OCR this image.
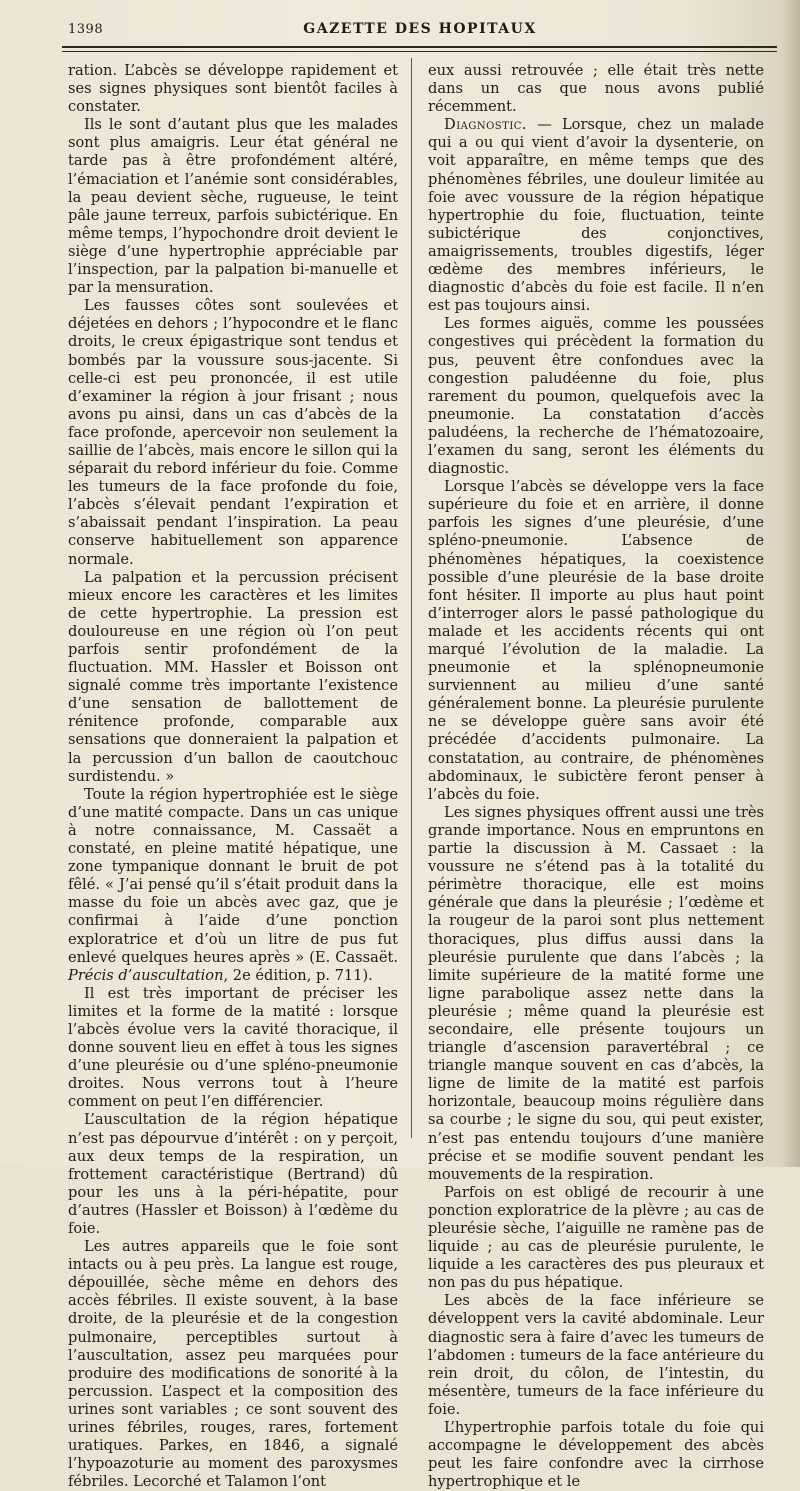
1398	GAZETTE DES HOPITAUX

ration. L’abcès se développe rapidement et ses signes physiques sont bientôt faciles à constater.

Ils le sont d’autant plus que les malades sont plus amaigris. Leur état général ne tarde pas à être profondément altéré, l’émaciation et l’anémie sont considérables, la peau devient sèche, rugueuse, le teint pâle jaune terreux, parfois subictérique. En même temps, l’hypochondre droit devient le siège d’une hypertrophie appréciable par l’inspection, par la palpation bi-manuelle et par la mensuration.

Les fausses côtes sont soulevées et déjetées en dehors ; l’hypocondre et le flanc droits, le creux épigastrique sont tendus et bombés par la voussure sous-jacente. Si celle-ci est peu prononcée, il est utile d’examiner la région à jour frisant ; nous avons pu ainsi, dans un cas d’abcès de la face profonde, apercevoir non seulement la saillie de l’abcès, mais encore le sillon qui la séparait du rebord inférieur du foie. Comme les tumeurs de la face profonde du foie, l’abcès s’élevait pendant l’expiration et s’abaissait pendant l’inspiration. La peau conserve habituellement son apparence normale.

La palpation et la percussion précisent mieux encore les caractères et les limites de cette hypertrophie. La pression est douloureuse en une région où l’on peut parfois sentir profondément de la fluctuation. MM. Hassler et Boisson ont signalé comme très importante l’existence d’une sensation de ballottement de rénitence profonde, comparable aux sensations que donneraient la palpation et la percussion d’un ballon de caoutchouc surdistendu. »

Toute la région hypertrophiée est le siège d’une matité compacte. Dans un cas unique à notre connaissance, M. Cassaët a constaté, en pleine matité hépatique, une zone tympanique donnant le bruit de pot fêlé. « J’ai pensé qu’il s’était produit dans la masse du foie un abcès avec gaz, que je confirmai à l’aide d’une ponction exploratrice et d’où un litre de pus fut enlevé quelques heures après » (E. Cassaët. Précis d’auscultation, 2e édition, p. 711).

Il est très important de préciser les limites et la forme de la matité : lorsque l’abcès évolue vers la cavité thoracique, il donne souvent lieu en effet à tous les signes d’une pleurésie ou d’une spléno-pneumonie droites. Nous verrons tout à l’heure comment on peut l’en différencier.

L’auscultation de la région hépatique n’est pas dépourvue d’intérêt : on y perçoit, aux deux temps de la respiration, un frottement caractéristique (Bertrand) dû pour les uns à la péri-hépatite, pour d’autres (Hassler et Boisson) à l’œdème du foie.

Les autres appareils que le foie sont intacts ou à peu près. La langue est rouge, dépouillée, sèche même en dehors des accès fébriles. Il existe souvent, à la base droite, de la pleurésie et de la congestion pulmonaire, perceptibles surtout à l’auscultation, assez peu marquées pour produire des modifications de sonorité à la percussion. L’aspect et la composition des urines sont variables ; ce sont souvent des urines fébriles, rouges, rares, fortement uratiques. Parkes, en 1846, a signalé l’hypoazoturie au moment des paroxysmes fébriles. Lecorché et Talamon l’ont

eux aussi retrouvée ; elle était très nette dans un cas que nous avons publié récemment.

Diagnostic. — Lorsque, chez un malade qui a ou qui vient d’avoir la dysenterie, on voit apparaître, en même temps que des phénomènes fébriles, une douleur limitée au foie avec voussure de la région hépatique hypertrophie du foie, fluctuation, teinte subictérique des conjonctives, amaigrissements, troubles digestifs, léger œdème des membres inférieurs, le diagnostic d’abcès du foie est facile. Il n’en est pas toujours ainsi.

Les formes aiguës, comme les poussées congestives qui précèdent la formation du pus, peuvent être confondues avec la congestion paludéenne du foie, plus rarement du poumon, quelquefois avec la pneumonie. La constatation d’accès paludéens, la recherche de l’hématozoaire, l’examen du sang, seront les éléments du diagnostic.

Lorsque l’abcès se développe vers la face supérieure du foie et en arrière, il donne parfois les signes d’une pleurésie, d’une spléno-pneumonie. L’absence de phénomènes hépatiques, la coexistence possible d’une pleurésie de la base droite font hésiter. Il importe au plus haut point d’interroger alors le passé pathologique du malade et les accidents récents qui ont marqué l’évolution de la maladie. La pneumonie et la splénopneumonie surviennent au milieu d’une santé généralement bonne. La pleurésie purulente ne se développe guère sans avoir été précédée d’accidents pulmonaire. La constatation, au contraire, de phénomènes abdominaux, le subictère feront penser à l’abcès du foie.

Les signes physiques offrent aussi une très grande importance. Nous en empruntons en partie la discussion à M. Cassaet : la voussure ne s’étend pas à la totalité du périmètre thoracique, elle est moins générale que dans la pleurésie ; l’œdème et la rougeur de la paroi sont plus nettement thoraciques, plus diffus aussi dans la pleurésie purulente que dans l’abcès ; la limite supérieure de la matité forme une ligne parabolique assez nette dans la pleurésie ; même quand la pleurésie est secondaire, elle présente toujours un triangle d’ascension paravertébral ; ce triangle manque souvent en cas d’abcès, la ligne de limite de la matité est parfois horizontale, beaucoup moins régulière dans sa courbe ; le signe du sou, qui peut exister, n’est pas entendu toujours d’une manière précise et se modifie souvent pendant les mouvements de la respiration.

Parfois on est obligé de recourir à une ponction exploratrice de la plèvre ; au cas de pleurésie sèche, l’aiguille ne ramène pas de liquide ; au cas de pleurésie purulente, le liquide a les caractères des pus pleuraux et non pas du pus hépatique.

Les abcès de la face inférieure se développent vers la cavité abdominale. Leur diagnostic sera à faire d’avec les tumeurs de l’abdomen : tumeurs de la face antérieure du rein droit, du côlon, de l’intestin, du mésentère, tumeurs de la face inférieure du foie.

L’hypertrophie parfois totale du foie qui accompagne le développement des abcès peut les faire confondre avec la cirrhose hypertrophique et le
